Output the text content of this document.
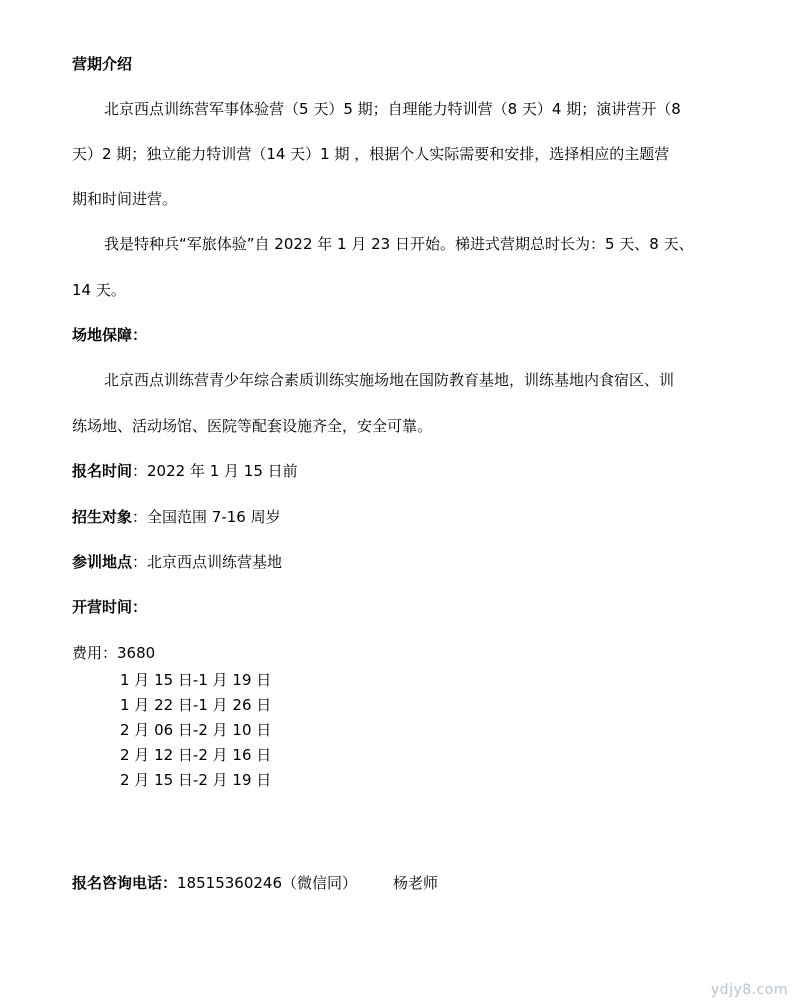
营期介绍
北京西点训练营军事体验营（5 天）5 期；自理能力特训营（8 天）4 期；演讲营开（8
天）2 期；独立能力特训营（14 天）1 期 ，根据个人实际需要和安排，选择相应的主题营
期和时间进营。
我是特种兵“军旅体验”自 2022 年 1 月 23 日开始。梯进式营期总时长为：5 天、8 天、
14 天。
场地保障：
北京西点训练营青少年综合素质训练实施场地在国防教育基地，训练基地内食宿区、训
练场地、活动场馆、医院等配套设施齐全，安全可靠。
报名时间：2022 年 1 月 15 日前
招生对象：全国范围 7-16 周岁
参训地点：北京西点训练营基地
开营时间：
费用：3680
1 月 15 日-1 月 19 日
1 月 22 日-1 月 26 日
2 月 06 日-2 月 10 日
2 月 12 日-2 月 16 日
2 月 15 日-2 月 19 日
报名咨询电话：18515360246（微信同） 杨老师
ydjy8.com
